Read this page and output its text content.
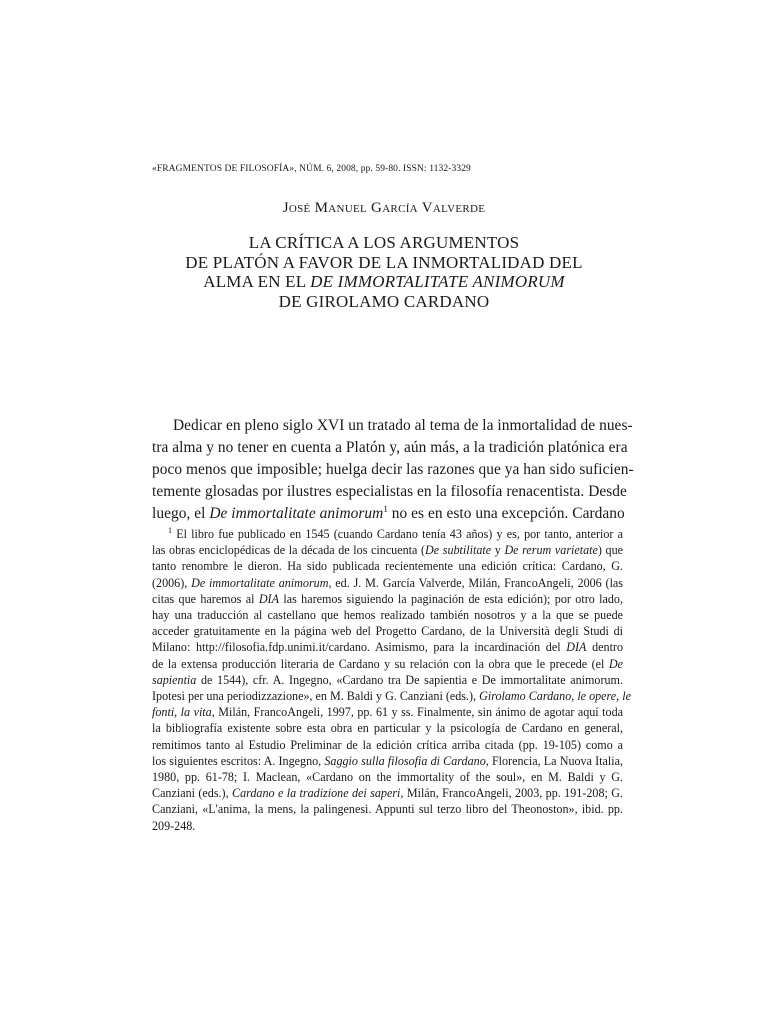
«FRAGMENTOS DE FILOSOFÍA», NÚM. 6, 2008, pp. 59-80. ISSN: 1132-3329
José Manuel García Valverde
LA CRÍTICA A LOS ARGUMENTOS
DE PLATÓN A FAVOR DE LA INMORTALIDAD DEL
ALMA EN EL DE IMMORTALITATE ANIMORUM
DE GIROLAMO CARDANO
Dedicar en pleno siglo XVI un tratado al tema de la inmortalidad de nues-
tra alma y no tener en cuenta a Platón y, aún más, a la tradición platónica era
poco menos que imposible; huelga decir las razones que ya han sido suficien-
temente glosadas por ilustres especialistas en la filosofía renacentista. Desde
luego, el De immortalitate animorum$^1$ no es en esto una excepción. Cardano
$^1$ El libro fue publicado en 1545 (cuando Cardano tenía 43 años) y es, por tanto, anterior a
las obras enciclopédicas de la década de los cincuenta (De subtilitate y De rerum varietate) que
tanto renombre le dieron. Ha sido publicada recientemente una edición crítica: Cardano, G.
(2006), De immortalitate animorum, ed. J. M. García Valverde, Milán, FrancoAngeli, 2006 (las
citas que haremos al DIA las haremos siguiendo la paginación de esta edición); por otro lado,
hay una traducción al castellano que hemos realizado también nosotros y a la que se puede
acceder gratuitamente en la página web del Progetto Cardano, de la Università degli Studi di
Milano: http://filosofia.fdp.unimi.it/cardano. Asimismo, para la incardinación del DIA dentro
de la extensa producción literaria de Cardano y su relación con la obra que le precede (el De
sapientia de 1544), cfr. A. Ingegno, «Cardano tra De sapientia e De immortalitate animorum.
Ipotesi per una periodizzazione», en M. Baldi y G. Canziani (eds.), Girolamo Cardano, le opere, le
fonti, la vita, Milán, FrancoAngeli, 1997, pp. 61 y ss. Finalmente, sin ánimo de agotar aquí toda
la bibliografía existente sobre esta obra en particular y la psicología de Cardano en general,
remitimos tanto al Estudio Preliminar de la edición crítica arriba citada (pp. 19-105) como a
los siguientes escritos: A. Ingegno, Saggio sulla filosofia di Cardano, Florencia, La Nuova Italia,
1980, pp. 61-78; I. Maclean, «Cardano on the immortality of the soul», en M. Baldi y G.
Canziani (eds.), Cardano e la tradizione dei saperi, Milán, FrancoAngeli, 2003, pp. 191-208; G.
Canziani, «L'anima, la mens, la palingenesi. Appunti sul terzo libro del Theonoston», ibid. pp.
209-248.
